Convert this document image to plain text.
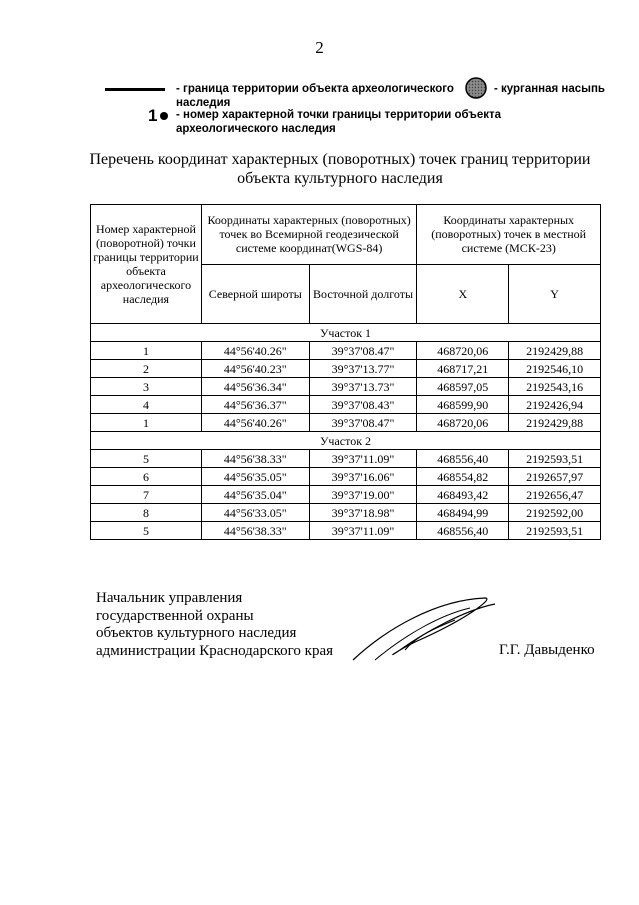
2
- граница территории объекта археологического наследия
- курганная насыпь
1 - номер характерной точки границы территории объекта археологического наследия
Перечень координат характерных (поворотных) точек границ территории объекта культурного наследия
Номер характерной (поворотной) точки границы территории объекта археологического наследия	Координаты характерных (поворотных) точек во Всемирной геодезической системе координат(WGS-84)		Координаты характерных (поворотных) точек в местной системе (МСК-23)	
	Северной широты	Восточной долготы	X	Y
Участок 1				
1	44°56'40.26"	39°37'08.47"	468720,06	2192429,88
2	44°56'40.23"	39°37'13.77"	468717,21	2192546,10
3	44°56'36.34"	39°37'13.73"	468597,05	2192543,16
4	44°56'36.37"	39°37'08.43"	468599,90	2192426,94
1	44°56'40.26"	39°37'08.47"	468720,06	2192429,88
Участок 2				
5	44°56'38.33"	39°37'11.09"	468556,40	2192593,51
6	44°56'35.05"	39°37'16.06"	468554,82	2192657,97
7	44°56'35.04"	39°37'19.00"	468493,42	2192656,47
8	44°56'33.05"	39°37'18.98"	468494,99	2192592,00
5	44°56'38.33"	39°37'11.09"	468556,40	2192593,51
Начальник управления
государственной охраны
объектов культурного наследия
администрации Краснодарского края	Г.Г. Давыденко
